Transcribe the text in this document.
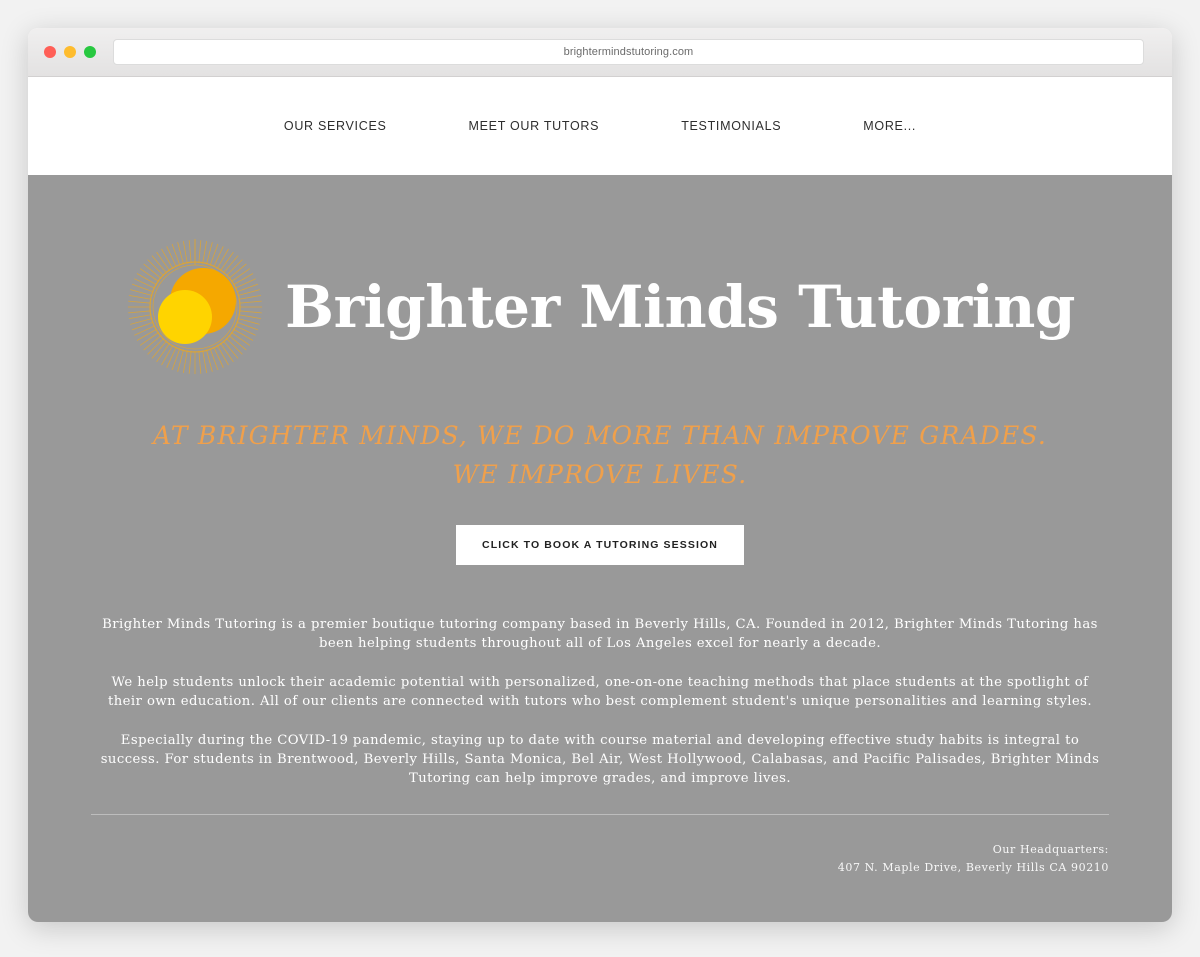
brightermindstutoring.com
OUR SERVICES	MEET OUR TUTORS	TESTIMONIALS	MORE...
Brighter Minds Tutoring
AT BRIGHTER MINDS, WE DO MORE THAN IMPROVE GRADES.
WE IMPROVE LIVES.
CLICK TO BOOK A TUTORING SESSION

Brighter Minds Tutoring is a premier boutique tutoring company based in Beverly Hills, CA. Founded in 2012, Brighter Minds Tutoring has been helping students throughout all of Los Angeles excel for nearly a decade.

We help students unlock their academic potential with personalized, one-on-one teaching methods that place students at the spotlight of their own education. All of our clients are connected with tutors who best complement student's unique personalities and learning styles.

Especially during the COVID-19 pandemic, staying up to date with course material and developing effective study habits is integral to success. For students in Brentwood, Beverly Hills, Santa Monica, Bel Air, West Hollywood, Calabasas, and Pacific Palisades, Brighter Minds Tutoring can help improve grades, and improve lives.

Our Headquarters:
407 N. Maple Drive, Beverly Hills CA 90210
